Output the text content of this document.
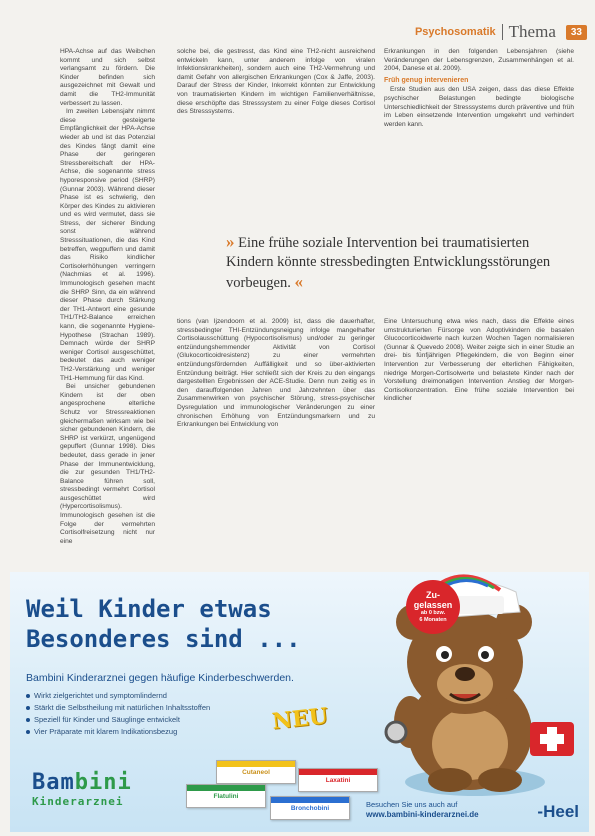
Psychosomatik Thema	33

HPA-Achse auf das Weibchen kommt und sich selbst verlangsamt zu fördern. Die Kinder befinden sich ausgezeichnet mit Gewalt und damit die TH2-Immunität verbessert zu lassen.

Im zweiten Lebensjahr nimmt diese gesteigerte Empfänglichkeit der HPA-Achse wieder ab und ist das Potenzial des Kindes fängt damit eine Phase der geringeren Stressbereitschaft der HPA-Achse, die sogenannte stress hyporesponsive period (SHRP) (Gunnar 2003). Während dieser Phase ist es schwierig, den Körper des Kindes zu aktivieren und es wird vermutet, dass sie Stress, der sicherer Bindung sonst während Stresssituationen, die das Kind betreffen, wegpuffern und damit das Risiko kindlicher Cortisolerhöhungen verringern (Nachmias et al. 1996). Immunologisch gesehen macht die SHRP Sinn, da ein während dieser Phase durch Stärkung der TH1-Antwort eine gesunde TH1/TH2-Balance erreichen kann, die sogenannte Hygiene-Hypothese (Strachan 1989). Demnach würde der SHRP weniger Cortisol ausgeschüttet, bedeutet das auch weniger TH2-Verstärkung und weniger TH1-Hemmung für das Kind.

Bei unsicher gebundenen Kindern ist der oben angesprochene elterliche Schutz vor Stressreaktionen gleichermaßen wirksam wie bei sicher gebundenen Kindern, die SHRP ist verkürzt, ungenügend gepuffert (Gunnar 1998). Dies bedeutet, dass gerade in jener Phase der Immunentwicklung, die zur gesunden TH1/TH2-Balance führen soll, stressbedingt vermehrt Cortisol ausgeschüttet wird (Hypercortisolismus). Immunologisch gesehen ist die Folge der vermehrten Cortisolfreisetzung nicht nur eine

solche bei, die gestresst, das Kind eine TH2-nicht ausreichend entwickeln kann, unter anderem infolge von viralen Infektionskrankheiten), sondern auch eine TH2-Vermehrung und damit Gefahr von allergischen Erkrankungen (Cox & Jaffe, 2003). Darauf der Stress der Kinder, Inkorrekt könnten zur Entwicklung von traumatisierten Kindern im wichtigen Familienverhältnisse, diese erschöpfte das Stresssystem zu einer Folge dieses Cortisol des Stresssystems.

Erkrankungen in den folgenden Lebensjahren (siehe Veränderungen der Lebensgrenzen, Zusammenhängen et al. 2004, Danese et al. 2009).

Früh genug intervenieren

Erste Studien aus den USA zeigen, dass das diese Effekte psychischer Belastungen bedingte biologische Unterschiedlichkeit der Stresssystems durch präventive und früh im Leben einsetzende Intervention umgekehrt und verhindert werden kann.

» Eine frühe soziale Intervention bei traumatisierten Kindern könnte stressbedingten Entwicklungsstörungen vorbeugen. «

tions (van Ijzendoorn et al. 2009) ist, dass die dauerhafter, stressbedingter THI-Entzündungsneigung infolge mangelhafter Cortisolausschüttung (Hypocortisolismus) und/oder zu geringer entzündungshemmender Aktivität von Cortisol (Glukocorticoidresistenz) zu einer vermehrten entzündungsfördernden Auffälligkeit und so über-aktivierten Entzündung beiträgt. Hier schließt sich der Kreis zu den eingangs dargestellten Ergebnissen der ACE-Studie. Denn nun zeitig es in den darauffolgenden Jahren und Jahrzehnten über das Zusammenwirken von psychischer Störung, stress-psychischer Dysregulation und immunologischer Veränderungen zu einer chronischen Erhöhung von Entzündungsmarkern und zu Erkrankungen bei Entwicklung von

Eine Untersuchung etwa wies nach, dass die Effekte eines umstrukturierten Fürsorge von Adoptivkindern die basalen Glucocorticoidwerte nach kurzen Wochen Tagen normalisieren (Gunnar & Quevedo 2008). Weiter zeigte sich in einer Studie an drei- bis fünfjährigen Pflegekindern, die von Beginn einer Intervention zur Verbesserung der elterlichen Fähigkeiten, niedrige Morgen-Cortisolwerte und belastete Kinder nach der Vorstellung dreimonatigen Intervention Anstieg der Morgen-Cortisolkonzentration. Eine frühe soziale Intervention bei kindlicher

Weil Kinder etwas
Besonderes sind ...
Bambini Kinderarznei gegen häufige Kinderbeschwerden.
Wirkt zielgerichtet und symptomlindernd
Stärkt die Selbstheilung mit natürlichen Inhaltsstoffen
Speziell für Kinder und Säuglinge entwickelt
Vier Präparate mit klarem Indikationsbezug	NEU
Zu-
gelassen
ab 0 bzw.
6 Monaten
Bambini
Kinderarznei
Cutaneol
Laxatini
Flatulini
Bronchobini	Besuchen Sie uns auch auf
www.bambini-kinderarznei.de	-Heel
